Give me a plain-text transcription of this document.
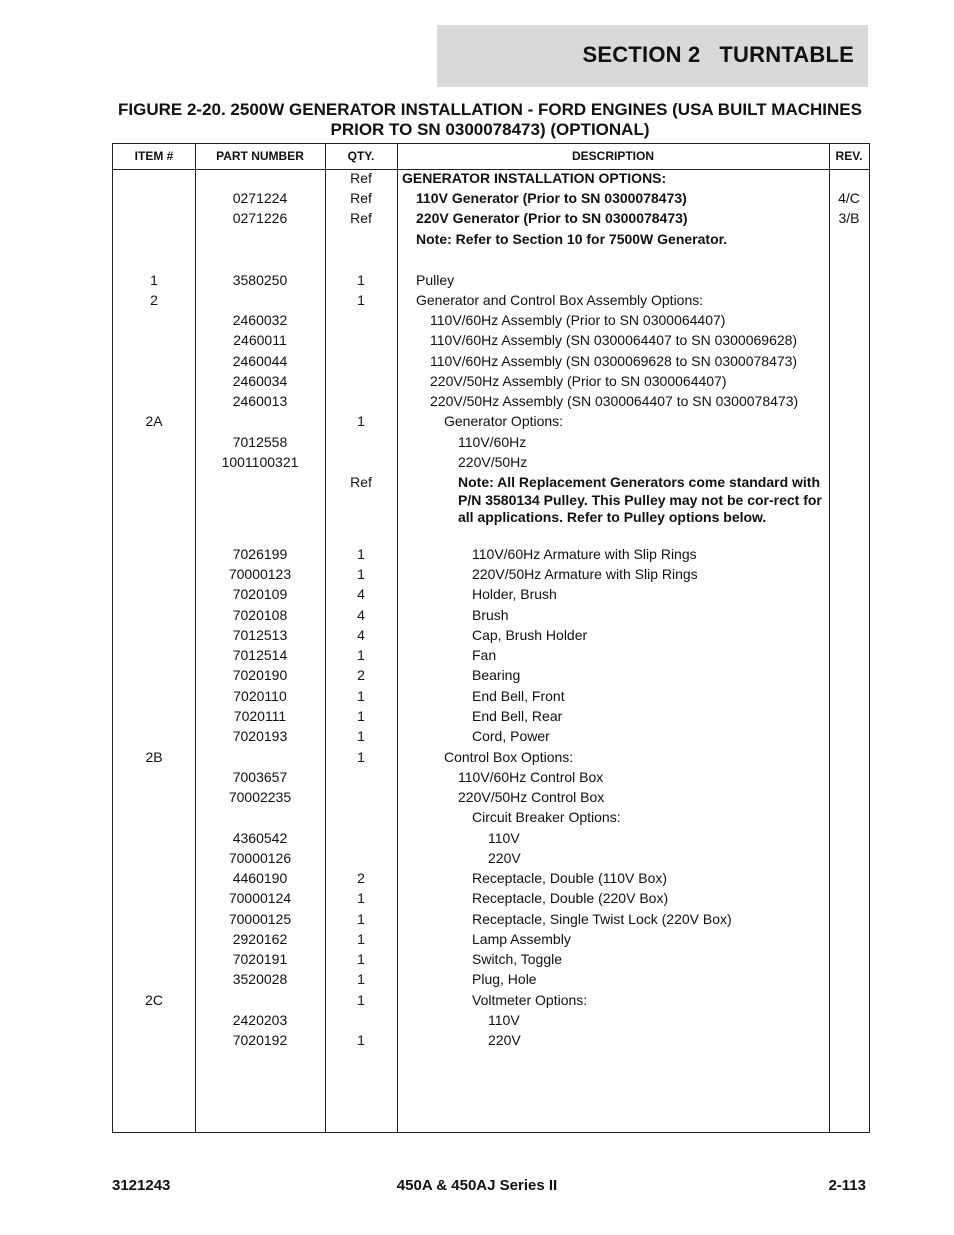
SECTION 2   TURNTABLE
FIGURE 2-20. 2500W GENERATOR INSTALLATION - FORD ENGINES (USA BUILT MACHINES
PRIOR TO SN 0300078473) (OPTIONAL)
ITEM #	PART NUMBER	QTY.	DESCRIPTION	REV.
Ref	GENERATOR INSTALLATION OPTIONS:
0271224	Ref	110V Generator (Prior to SN 0300078473)	4/C
0271226	Ref	220V Generator (Prior to SN 0300078473)	3/B
Note: Refer to Section 10 for 7500W Generator.
1	3580250	1	Pulley
2	1	Generator and Control Box Assembly Options:
2460032	110V/60Hz Assembly (Prior to SN 0300064407)
2460011	110V/60Hz Assembly (SN 0300064407 to SN 0300069628)
2460044	110V/60Hz Assembly (SN 0300069628 to SN 0300078473)
2460034	220V/50Hz Assembly (Prior to SN 0300064407)
2460013	220V/50Hz Assembly (SN 0300064407 to SN 0300078473)
2A	1	Generator Options:
7012558	110V/60Hz
1001100321	220V/50Hz
Ref	Note: All Replacement Generators come standard with P/N 3580134 Pulley. This Pulley may not be cor-rect for all applications. Refer to Pulley options below.
7026199	1	110V/60Hz Armature with Slip Rings
70000123	1	220V/50Hz Armature with Slip Rings
7020109	4	Holder, Brush
7020108	4	Brush
7012513	4	Cap, Brush Holder
7012514	1	Fan
7020190	2	Bearing
7020110	1	End Bell, Front
7020111	1	End Bell, Rear
7020193	1	Cord, Power
2B	1	Control Box Options:
7003657	110V/60Hz Control Box
70002235	220V/50Hz Control Box
Circuit Breaker Options:
4360542	110V
70000126	220V
4460190	2	Receptacle, Double (110V Box)
70000124	1	Receptacle, Double (220V Box)
70000125	1	Receptacle, Single Twist Lock (220V Box)
2920162	1	Lamp Assembly
7020191	1	Switch, Toggle
3520028	1	Plug, Hole
2C	1	Voltmeter Options:
2420203	110V
7020192	1	220V
3121243	450A & 450AJ Series II	2-113
